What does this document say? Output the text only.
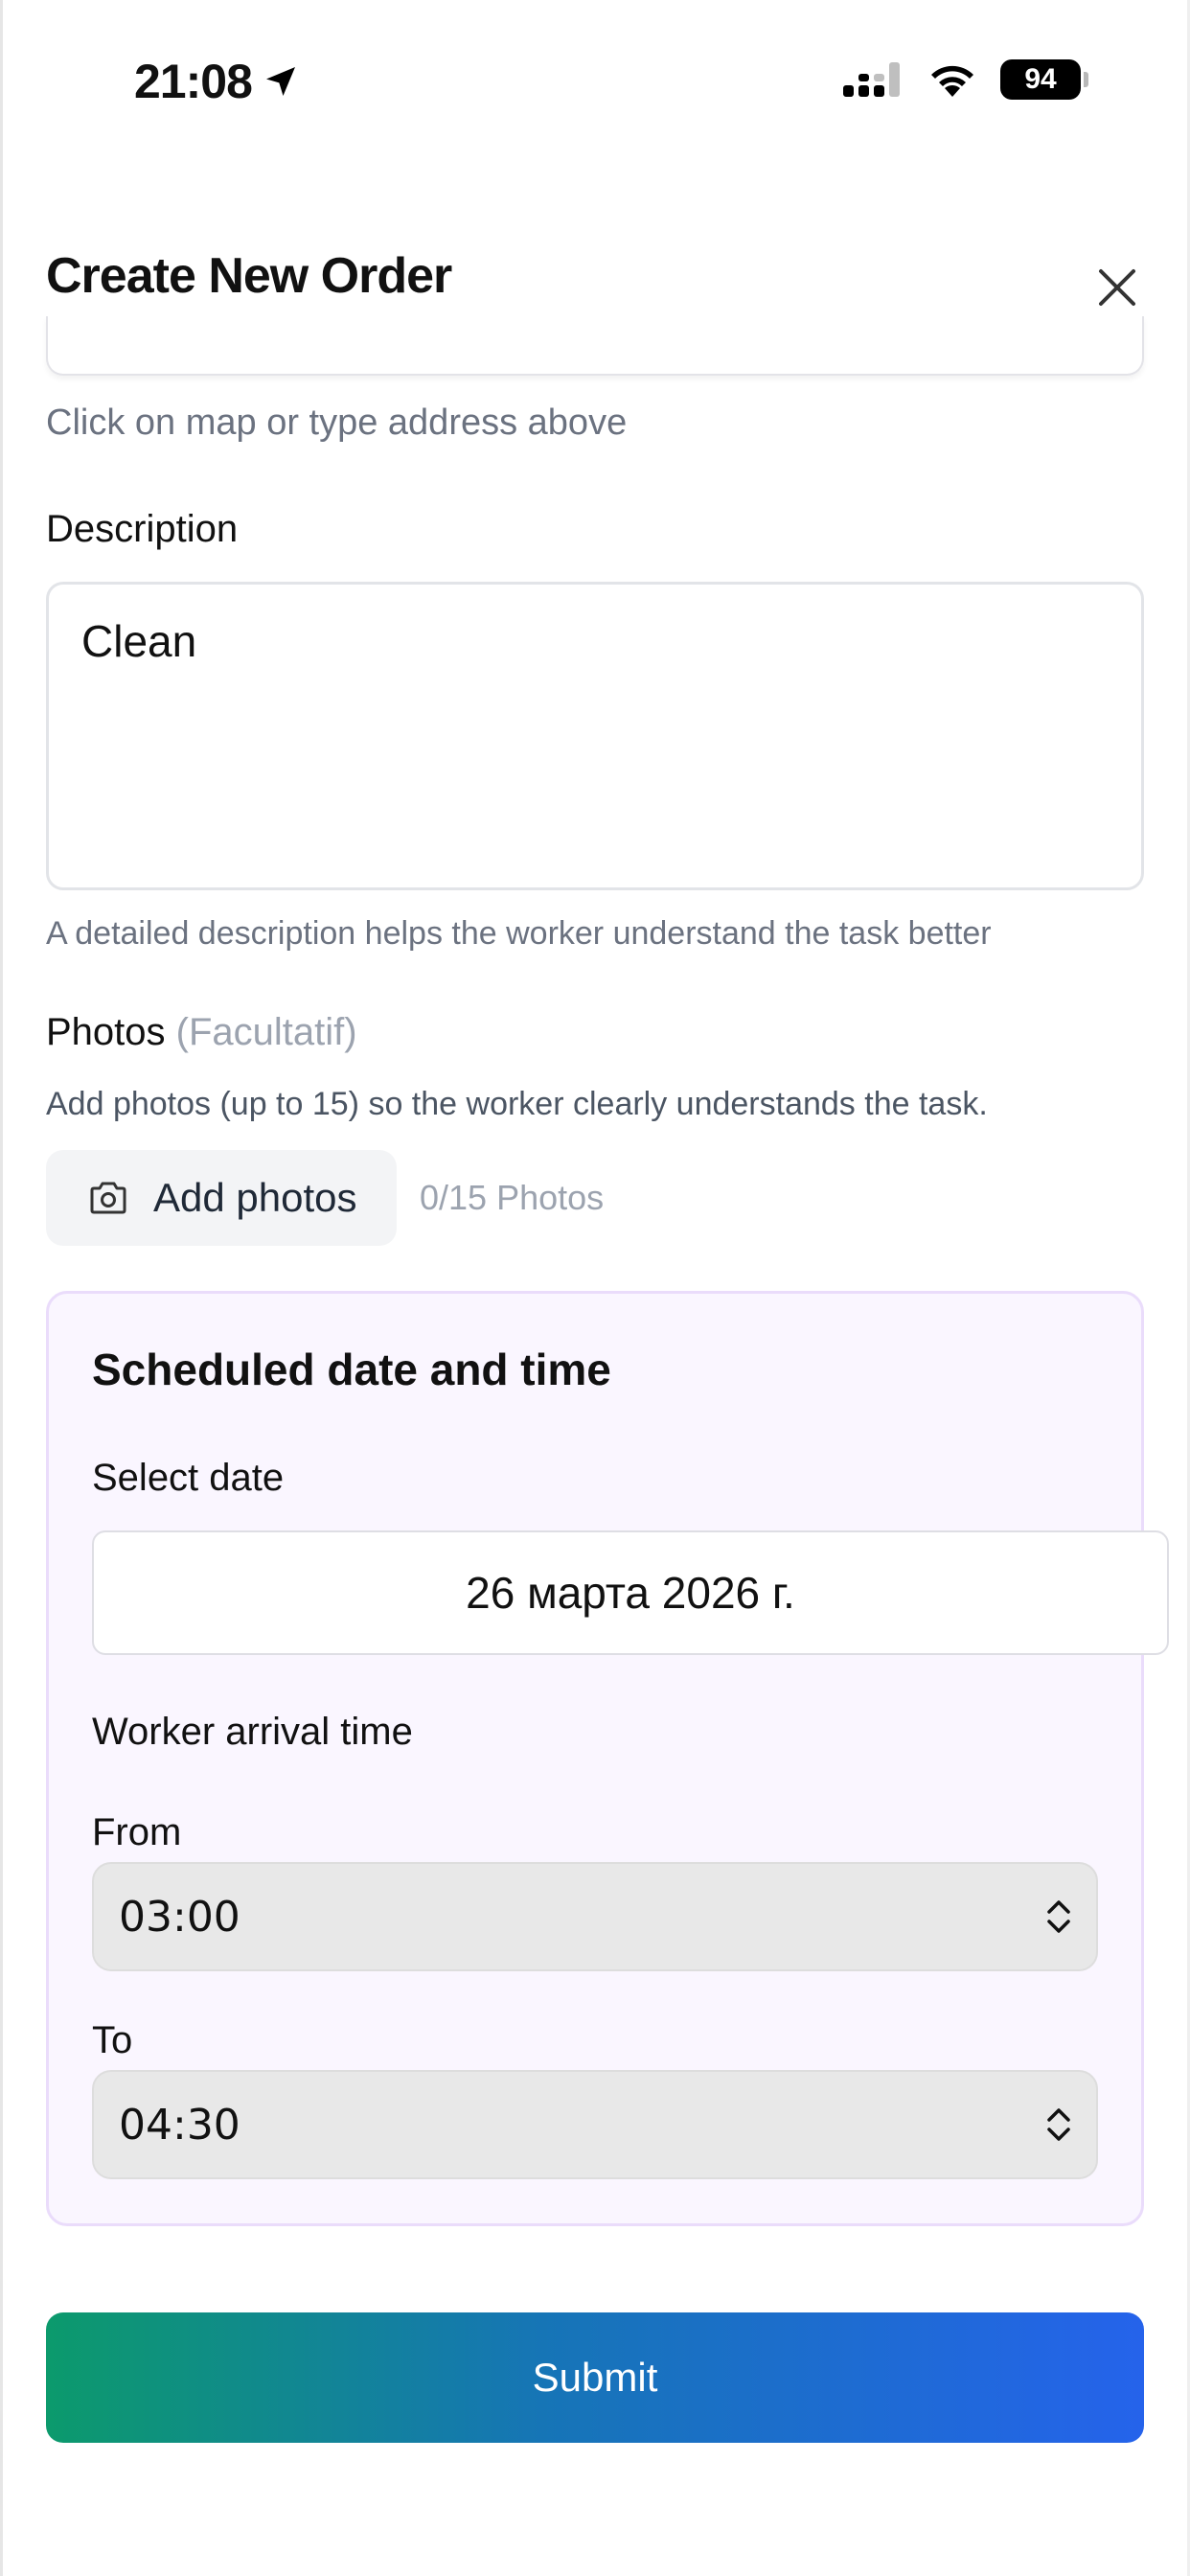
21:08	94
Create New Order
Click on map or type address above
Description
Clean
A detailed description helps the worker understand the task better
Photos (Facultatif)
Add photos (up to 15) so the worker clearly understands the task.
Add photos 0/15 Photos
Scheduled date and time
Select date
26 марта 2026 г.
Worker arrival time
From
03:00
To
04:30
Submit
